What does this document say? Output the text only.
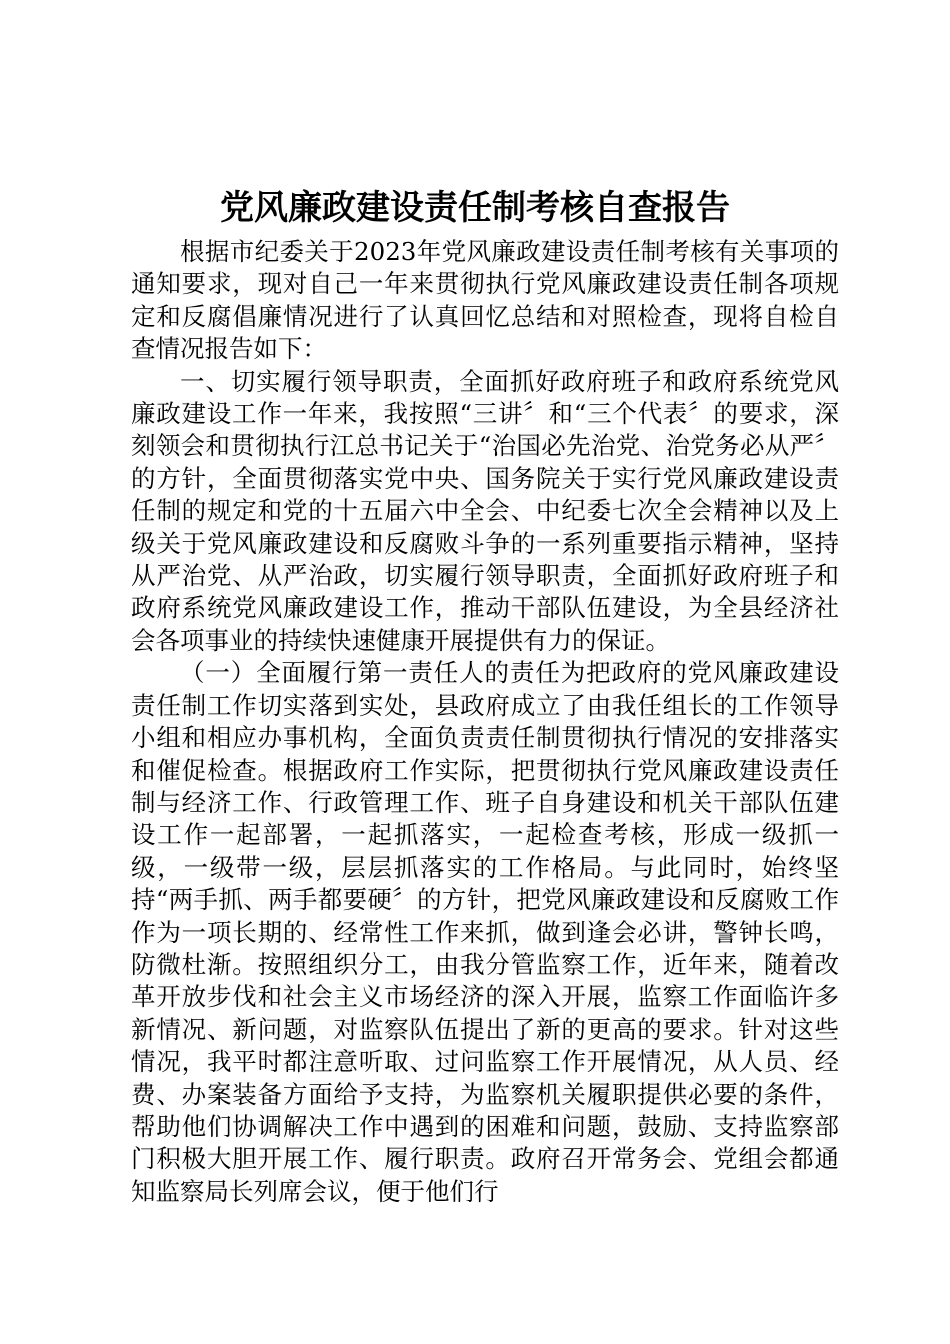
党风廉政建设责任制考核自查报告

根据市纪委关于2023年党风廉政建设责任制考核有关事项的通知要求，现对自己一年来贯彻执行党风廉政建设责任制各项规定和反腐倡廉情况进行了认真回忆总结和对照检查，现将自检自查情况报告如下：

一、切实履行领导职责，全面抓好政府班子和政府系统党风廉政建设工作一年来，我按照“三讲〞和“三个代表〞的要求，深刻领会和贯彻执行江总书记关于“治国必先治党、治党务必从严〞的方针，全面贯彻落实党中央、国务院关于实行党风廉政建设责任制的规定和党的十五届六中全会、中纪委七次全会精神以及上级关于党风廉政建设和反腐败斗争的一系列重要指示精神，坚持从严治党、从严治政，切实履行领导职责，全面抓好政府班子和政府系统党风廉政建设工作，推动干部队伍建设，为全县经济社会各项事业的持续快速健康开展提供有力的保证。

（一）全面履行第一责任人的责任为把政府的党风廉政建设责任制工作切实落到实处，县政府成立了由我任组长的工作领导小组和相应办事机构，全面负责责任制贯彻执行情况的安排落实和催促检查。根据政府工作实际，把贯彻执行党风廉政建设责任制与经济工作、行政管理工作、班子自身建设和机关干部队伍建设工作一起部署，一起抓落实，一起检查考核，形成一级抓一级，一级带一级，层层抓落实的工作格局。与此同时，始终坚持“两手抓、两手都要硬〞的方针，把党风廉政建设和反腐败工作作为一项长期的、经常性工作来抓，做到逢会必讲，警钟长鸣，防微杜渐。按照组织分工，由我分管监察工作，近年来，随着改革开放步伐和社会主义市场经济的深入开展，监察工作面临许多新情况、新问题，对监察队伍提出了新的更高的要求。针对这些情况，我平时都注意听取、过问监察工作开展情况，从人员、经费、办案装备方面给予支持，为监察机关履职提供必要的条件，帮助他们协调解决工作中遇到的困难和问题，鼓励、支持监察部门积极大胆开展工作、履行职责。政府召开常务会、党组会都通知监察局长列席会议，便于他们行
